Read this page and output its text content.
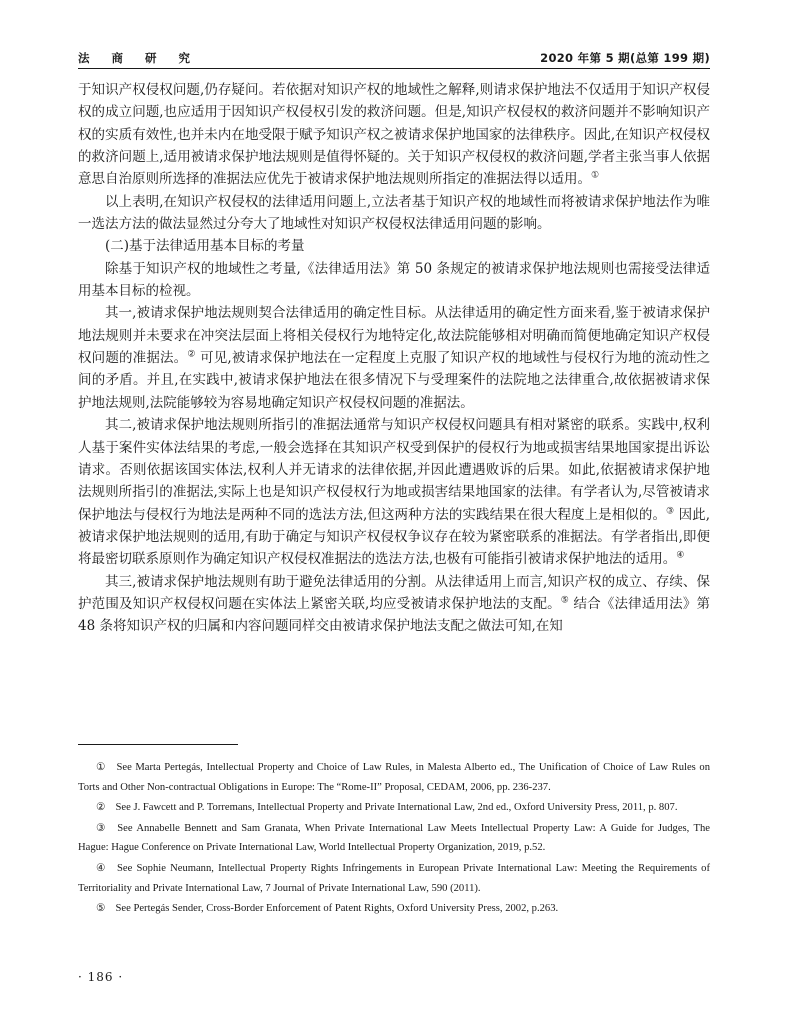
法 商 研 究	2020 年第 5 期(总第 199 期)

于知识产权侵权问题,仍存疑问。若依据对知识产权的地域性之解释,则请求保护地法不仅适用于知识产权侵权的成立问题,也应适用于因知识产权侵权引发的救济问题。但是,知识产权侵权的救济问题并不影响知识产权的实质有效性,也并未内在地受限于赋予知识产权之被请求保护地国家的法律秩序。因此,在知识产权侵权的救济问题上,适用被请求保护地法规则是值得怀疑的。关于知识产权侵权的救济问题,学者主张当事人依据意思自治原则所选择的准据法应优先于被请求保护地法规则所指定的准据法得以适用。①

以上表明,在知识产权侵权的法律适用问题上,立法者基于知识产权的地域性而将被请求保护地法作为唯一选法方法的做法显然过分夸大了地域性对知识产权侵权法律适用问题的影响。

(二)基于法律适用基本目标的考量

除基于知识产权的地域性之考量,《法律适用法》第 50 条规定的被请求保护地法规则也需接受法律适用基本目标的检视。

其一,被请求保护地法规则契合法律适用的确定性目标。从法律适用的确定性方面来看,鉴于被请求保护地法规则并未要求在冲突法层面上将相关侵权行为地特定化,故法院能够相对明确而简便地确定知识产权侵权问题的准据法。② 可见,被请求保护地法在一定程度上克服了知识产权的地域性与侵权行为地的流动性之间的矛盾。并且,在实践中,被请求保护地法在很多情况下与受理案件的法院地之法律重合,故依据被请求保护地法规则,法院能够较为容易地确定知识产权侵权问题的准据法。

其二,被请求保护地法规则所指引的准据法通常与知识产权侵权问题具有相对紧密的联系。实践中,权利人基于案件实体法结果的考虑,一般会选择在其知识产权受到保护的侵权行为地或损害结果地国家提出诉讼请求。否则依据该国实体法,权利人并无请求的法律依据,并因此遭遇败诉的后果。如此,依据被请求保护地法规则所指引的准据法,实际上也是知识产权侵权行为地或损害结果地国家的法律。有学者认为,尽管被请求保护地法与侵权行为地法是两种不同的选法方法,但这两种方法的实践结果在很大程度上是相似的。③ 因此,被请求保护地法规则的适用,有助于确定与知识产权侵权争议存在较为紧密联系的准据法。有学者指出,即便将最密切联系原则作为确定知识产权侵权准据法的选法方法,也极有可能指引被请求保护地法的适用。④

其三,被请求保护地法规则有助于避免法律适用的分割。从法律适用上而言,知识产权的成立、存续、保护范围及知识产权侵权问题在实体法上紧密关联,均应受被请求保护地法的支配。⑤ 结合《法律适用法》第 48 条将知识产权的归属和内容问题同样交由被请求保护地法支配之做法可知,在知

① See Marta Pertegás, Intellectual Property and Choice of Law Rules, in Malesta Alberto ed., The Unification of Choice of Law Rules on Torts and Other Non-contractual Obligations in Europe: The “Rome-II” Proposal, CEDAM, 2006, pp. 236-237.

② See J. Fawcett and P. Torremans, Intellectual Property and Private International Law, 2nd ed., Oxford University Press, 2011, p. 807.

③ See Annabelle Bennett and Sam Granata, When Private International Law Meets Intellectual Property Law: A Guide for Judges, The Hague: Hague Conference on Private International Law, World Intellectual Property Organization, 2019, p.52.

④ See Sophie Neumann, Intellectual Property Rights Infringements in European Private International Law: Meeting the Requirements of Territoriality and Private International Law, 7 Journal of Private International Law, 590 (2011).

⑤ See Pertegás Sender, Cross-Border Enforcement of Patent Rights, Oxford University Press, 2002, p.263.

· 186 ·
